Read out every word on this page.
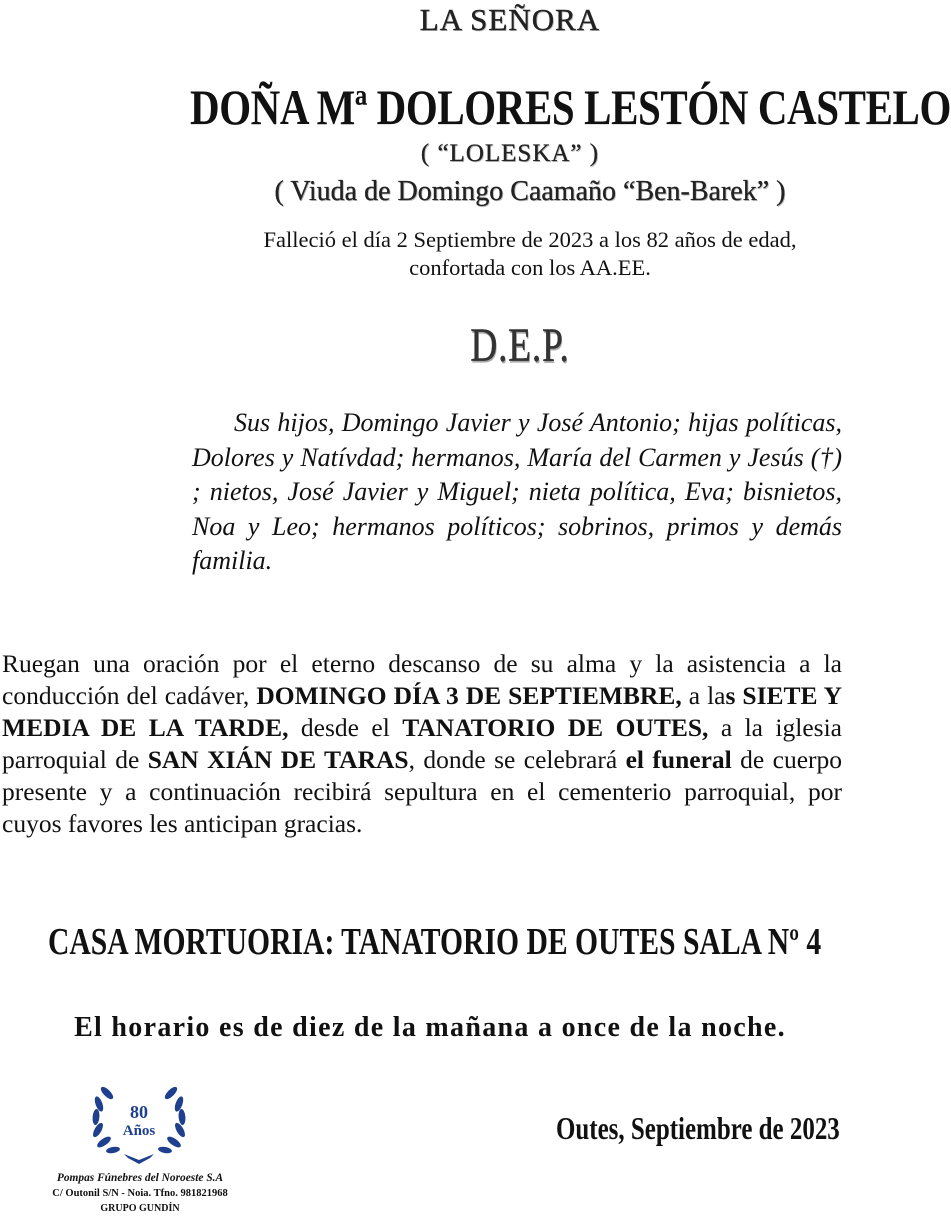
LA SEÑORA
DOÑA Mª DOLORES LESTÓN CASTELO
( “LOLESKA” )
( Viuda de Domingo Caamaño “Ben-Barek” )
Falleció el día 2 Septiembre de 2023 a los 82 años de edad,
confortada con los AA.EE.
D.E.P.
Sus hijos, Domingo Javier y José Antonio; hijas políticas, Dolores y Natívdad; hermanos, María del Carmen y Jesús (†) ; nietos, José Javier y Miguel; nieta política, Eva; bisnietos, Noa y Leo; hermanos políticos; sobrinos, primos y demás familia.
Ruegan una oración por el eterno descanso de su alma y la asistencia a la conducción del cadáver, DOMINGO DÍA 3 DE SEPTIEMBRE, a las SIETE Y MEDIA DE LA TARDE, desde el TANATORIO DE OUTES, a la iglesia parroquial de SAN XIÁN DE TARAS, donde se celebrará el funeral de cuerpo presente y a continuación recibirá sepultura en el cementerio parroquial, por cuyos favores les anticipan gracias.
CASA MORTUORIA: TANATORIO DE OUTES SALA Nº 4
El horario es de diez de la mañana a once de la noche.
Outes, Septiembre de 2023
80
Años
Pompas Fúnebres del Noroeste S.A
C/ Outonil S/N - Noia. Tfno. 981821968
GRUPO GUNDÍN
